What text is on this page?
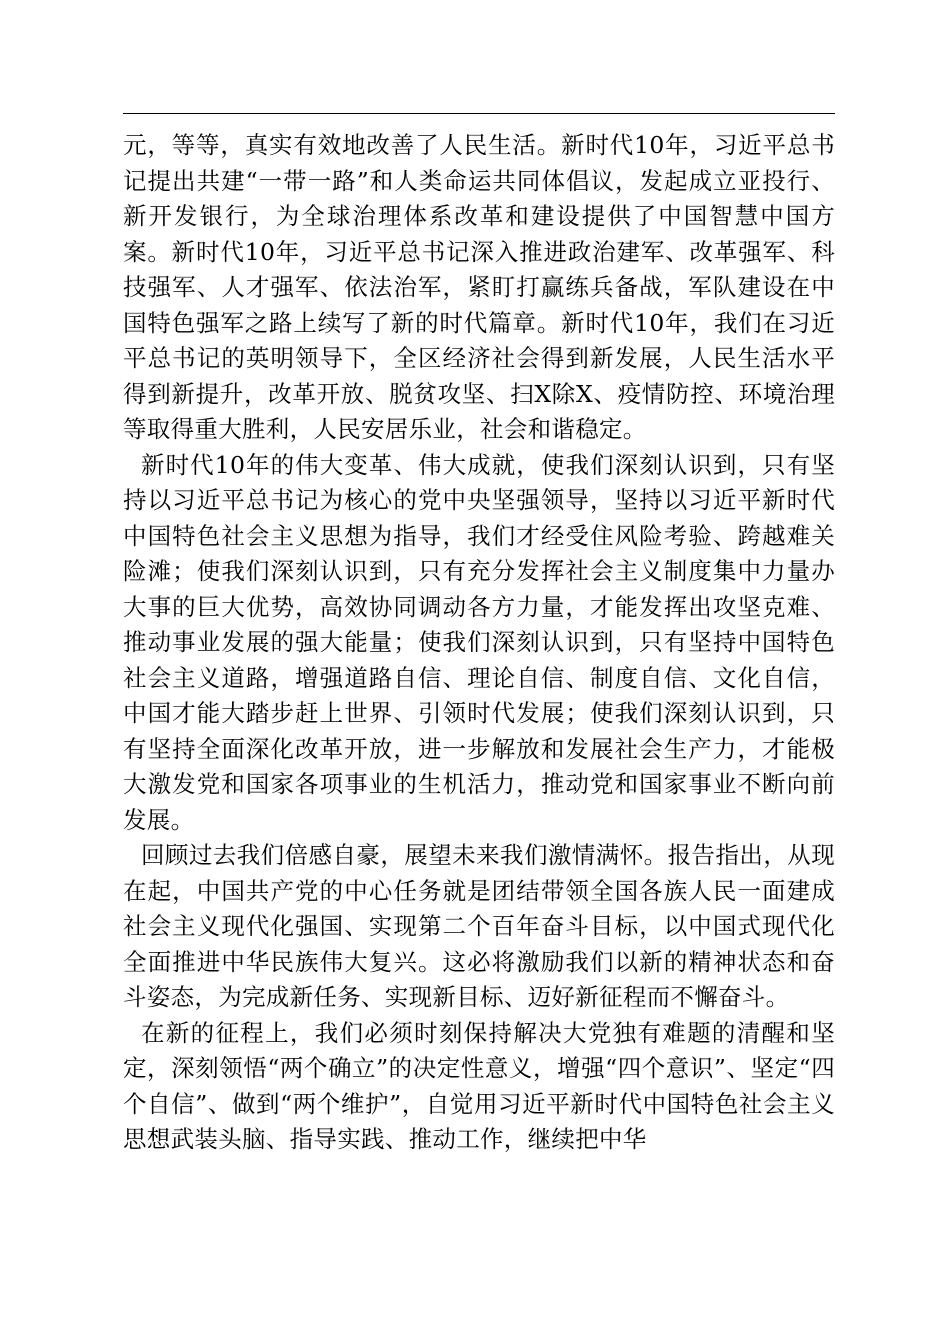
元，等等，真实有效地改善了人民生活。新时代10年，习近平总书记提出共建“一带一路”和人类命运共同体倡议，发起成立亚投行、新开发银行，为全球治理体系改革和建设提供了中国智慧中国方案。新时代10年，习近平总书记深入推进政治建军、改革强军、科技强军、人才强军、依法治军，紧盯打赢练兵备战，军队建设在中国特色强军之路上续写了新的时代篇章。新时代10年，我们在习近平总书记的英明领导下，全区经济社会得到新发展，人民生活水平得到新提升，改革开放、脱贫攻坚、扫X除X、疫情防控、环境治理等取得重大胜利，人民安居乐业，社会和谐稳定。

新时代10年的伟大变革、伟大成就，使我们深刻认识到，只有坚持以习近平总书记为核心的党中央坚强领导，坚持以习近平新时代中国特色社会主义思想为指导，我们才经受住风险考验、跨越难关险滩；使我们深刻认识到，只有充分发挥社会主义制度集中力量办大事的巨大优势，高效协同调动各方力量，才能发挥出攻坚克难、推动事业发展的强大能量；使我们深刻认识到，只有坚持中国特色社会主义道路，增强道路自信、理论自信、制度自信、文化自信，中国才能大踏步赶上世界、引领时代发展；使我们深刻认识到，只有坚持全面深化改革开放，进一步解放和发展社会生产力，才能极大激发党和国家各项事业的生机活力，推动党和国家事业不断向前发展。

回顾过去我们倍感自豪，展望未来我们激情满怀。报告指出，从现在起，中国共产党的中心任务就是团结带领全国各族人民一面建成社会主义现代化强国、实现第二个百年奋斗目标，以中国式现代化全面推进中华民族伟大复兴。这必将激励我们以新的精神状态和奋斗姿态，为完成新任务、实现新目标、迈好新征程而不懈奋斗。

在新的征程上，我们必须时刻保持解决大党独有难题的清醒和坚定，深刻领悟“两个确立”的决定性意义，增强“四个意识”、坚定“四个自信”、做到“两个维护”，自觉用习近平新时代中国特色社会主义思想武装头脑、指导实践、推动工作，继续把中华
